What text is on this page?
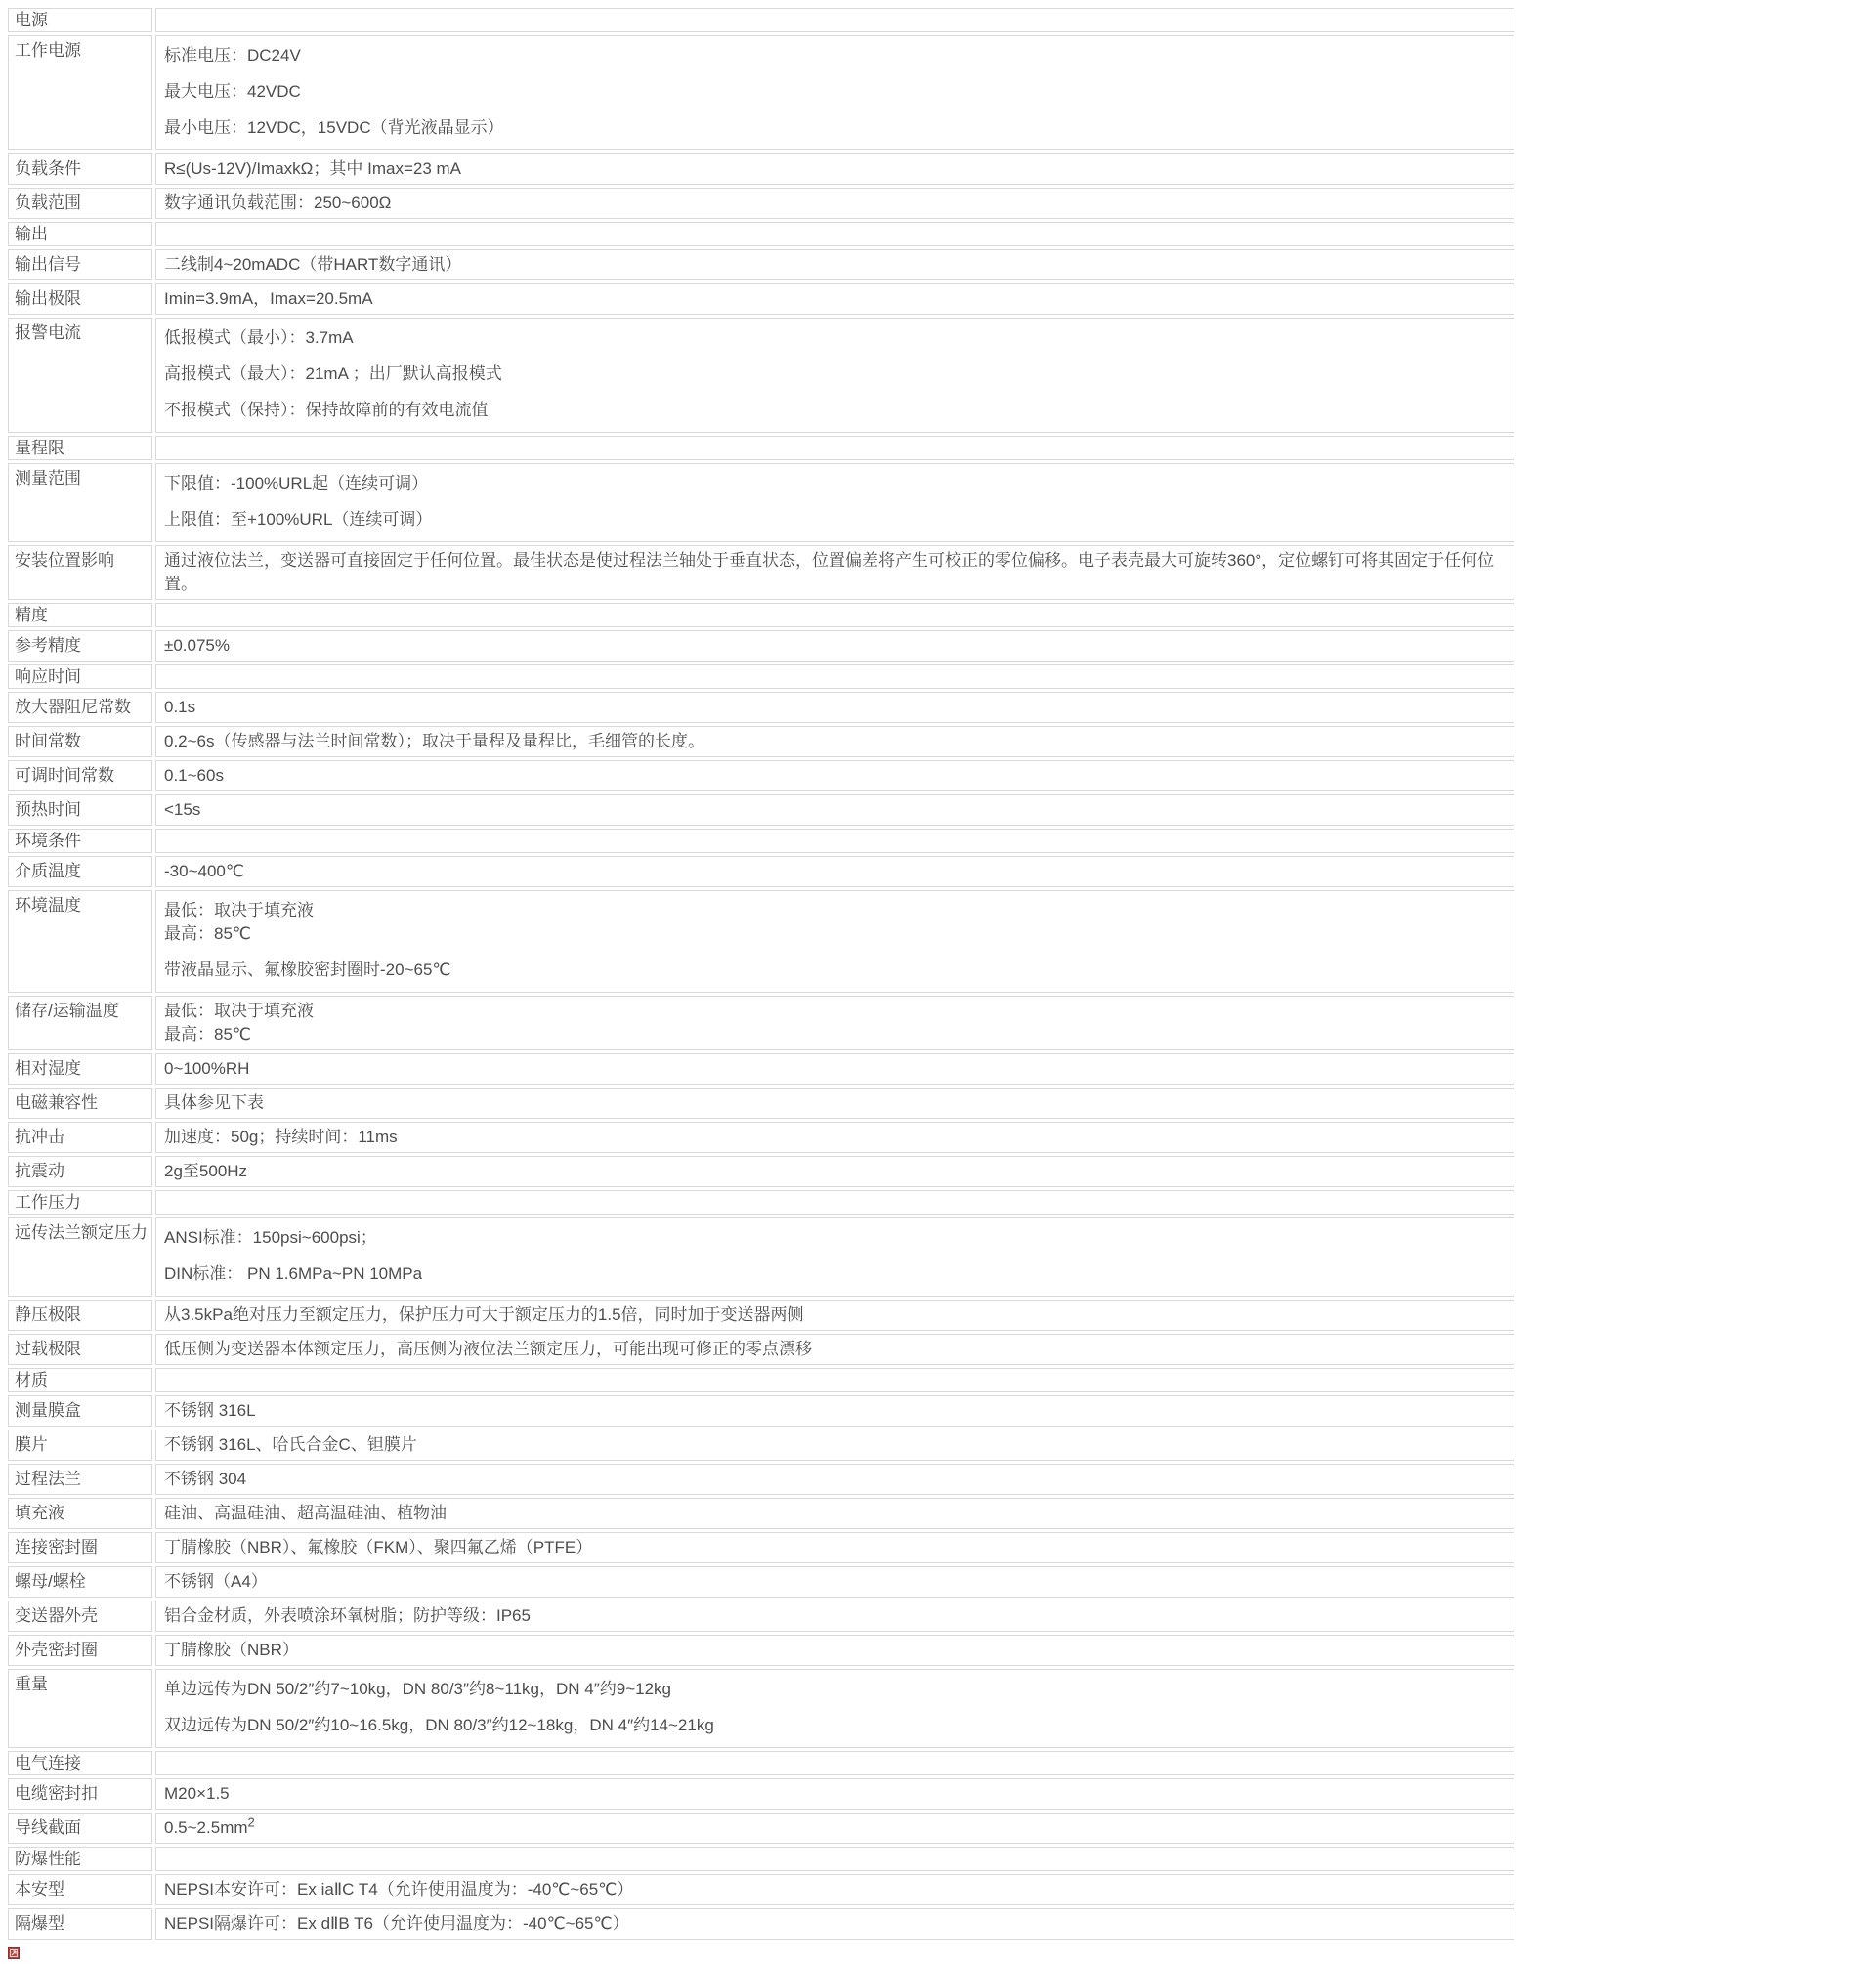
电源	
工作电源	标准电压：DC24V

最大电压：42VDC

最小电压：12VDC，15VDC（背光液晶显示）

负载条件	R≤(Us-12V)/ImaxkΩ；其中 Imax=23 mA

负载范围	数字通讯负载范围：250~600Ω

输出	
输出信号	二线制4~20mADC（带HART数字通讯）

输出极限	Imin=3.9mA，Imax=20.5mA

报警电流	低报模式（最小）：3.7mA

高报模式（最大）：21mA ；出厂默认高报模式

不报模式（保持）：保持故障前的有效电流值

量程限	
测量范围	下限值：-100%URL起（连续可调）

上限值：至+100%URL（连续可调）

安装位置影响	通过液位法兰，变送器可直接固定于任何位置。最佳状态是使过程法兰轴处于垂直状态，位置偏差将产生可校正的零位偏移。电子表壳最大可旋转360°，定位螺钉可将其固定于任何位置。

精度	
参考精度	±0.075%

响应时间	
放大器阻尼常数	0.1s

时间常数	0.2~6s（传感器与法兰时间常数）；取决于量程及量程比，毛细管的长度。

可调时间常数	0.1~60s

预热时间	<15s

环境条件	
介质温度	-30~400℃

环境温度	最低：取决于填充液
最高：85℃

带液晶显示、氟橡胶密封圈时-20~65℃

储存/运输温度	最低：取决于填充液
最高：85℃

相对湿度	0~100%RH

电磁兼容性	具体参见下表

抗冲击	加速度：50g；持续时间：11ms

抗震动	2g至500Hz

工作压力	
远传法兰额定压力	ANSI标准：150psi~600psi；

DIN标准： PN 1.6MPa~PN 10MPa

静压极限	从3.5kPa绝对压力至额定压力，保护压力可大于额定压力的1.5倍，同时加于变送器两侧

过载极限	低压侧为变送器本体额定压力，高压侧为液位法兰额定压力，可能出现可修正的零点漂移

材质	
测量膜盒	不锈钢 316L

膜片	不锈钢 316L、哈氏合金C、钽膜片

过程法兰	不锈钢 304

填充液	硅油、高温硅油、超高温硅油、植物油

连接密封圈	丁腈橡胶（NBR）、氟橡胶（FKM）、聚四氟乙烯（PTFE）

螺母/螺栓	不锈钢（A4）

变送器外壳	铝合金材质，外表喷涂环氧树脂；防护等级：IP65

外壳密封圈	丁腈橡胶（NBR）

重量	单边远传为DN 50/2″约7~10kg，DN 80/3″约8~11kg，DN 4″约9~12kg

双边远传为DN 50/2″约10~16.5kg，DN 80/3″约12~18kg，DN 4″约14~21kg

电气连接	
电缆密封扣	M20×1.5

导线截面	$0.5\sim 2.5mm^2$

防爆性能	
本安型	NEPSI本安许可：Ex iaⅡC T4（允许使用温度为：-40℃~65℃）

隔爆型	NEPSI隔爆许可：Ex dⅡB T6（允许使用温度为：-40℃~65℃）
